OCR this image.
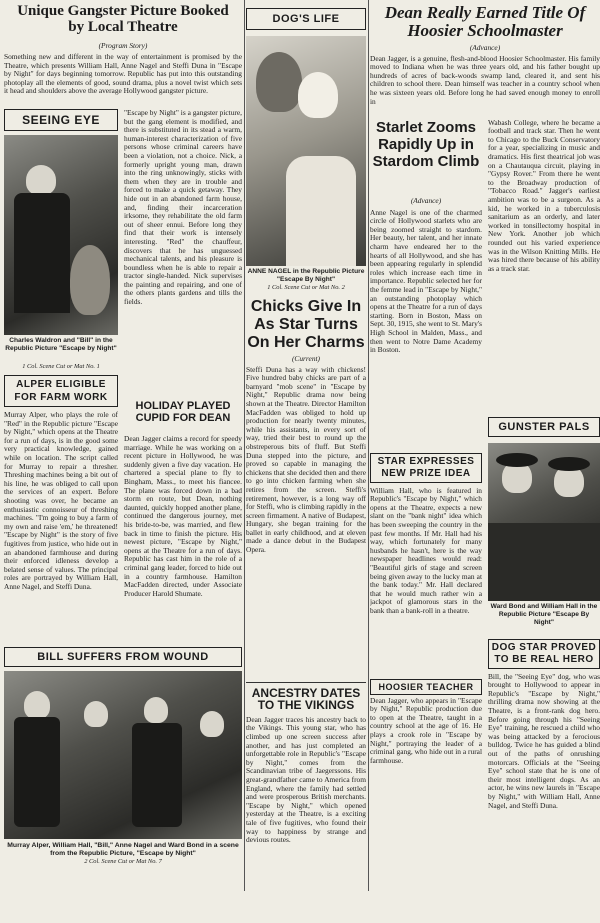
Unique Gangster Picture Booked by Local Theatre
(Program Story)

Something new and different in the way of entertainment is promised by the Theatre, which presents William Hall, Anne Nagel and Steffi Duna in "Escape by Night" for days beginning tomorrow. Republic has put into this outstanding photoplay all the elements of good, sound drama, plus a novel twist which sets it head and shoulders above the average Hollywood gangster picture.

SEEING EYE
Charles Waldron and "Bill" in the Republic Picture "Escape by Night"
1 Col. Scene Cut or Mat No. 1

"Escape by Night" is a gangster picture, but the gang element is modified, and there is substituted in its stead a warm, human-interest characterization of five persons whose criminal careers have been a violation, not a choice. Nick, a formerly upright young man, drawn into the ring unknowingly, sticks with them when they are in trouble and forced to make a quick getaway. They hide out in an abandoned farm house, and, finding their incarceration irksome, they rehabilitate the old farm out of sheer ennui. Before long they find that their work is intensely interesting. "Red" the chauffeur, discovers that he has unguessed mechanical talents, and his pleasure is boundless when he is able to repair a tractor single-handed. Nick supervises the painting and repairing, and one of the others plants gardens and tills the fields.

ALPER ELIGIBLE FOR FARM WORK

Murray Alper, who plays the role of "Red" in the Republic picture "Escape by Night," which opens at the Theatre for a run of days, is in the good some very practical knowledge, gained while on location. The script called for Murray to repair a thresher. Threshing machines being a bit out of his line, he was obliged to call upon the services of an expert. Before shooting was over, he became an enthusiastic connoisseur of threshing machines. "I'm going to buy a farm of my own and raise 'em,' he threatened! "Escape by Night" is the story of five fugitives from justice, who hide out in an abandoned farmhouse and during their enforced idleness develop a belated sense of values. The principal roles are portrayed by William Hall, Anne Nagel, and Steffi Duna.

HOLIDAY PLAYED CUPID FOR DEAN

Dean Jagger claims a record for speedy marriage. While he was working on a recent picture in Hollywood, he was suddenly given a five day vacation. He chartered a special plane to fly to Bingham, Mass., to meet his fiancee. The plane was forced down in a bad storm en route, but Dean, nothing daunted, quickly hopped another plane, continued the dangerous journey, met his bride-to-be, was married, and flew back in time to finish the picture. His newest picture, "Escape by Night," opens at the Theatre for a run of days. Republic has cast him in the role of a criminal gang leader, forced to hide out in a country farmhouse. Hamilton MacFadden directed, under Associate Producer Harold Shumate.

BILL SUFFERS FROM WOUND
Murray Alper, William Hall, "Bill," Anne Nagel and Ward Bond in a scene from the Republic Picture, "Escape by Night"
2 Col. Scene Cut or Mat No. 7
DOG'S LIFE
ANNE NAGEL in the Republic Picture "Escape By Night"
1 Col. Scene Cut or Mat No. 2
Chicks Give In As Star Turns On Her Charms
(Current)

Steffi Duna has a way with chickens! Five hundred baby chicks are part of a barnyard "mob scene" in "Escape by Night," Republic drama now being shown at the Theatre. Director Hamilton MacFadden was obliged to hold up production for nearly twenty minutes, while his assistants, in every sort of way, tried their best to round up the obstreperous bits of fluff. But Steffi Duna stepped into the picture, and proved so capable in managing the chickens that she decided then and there to go into chicken farming when she retires from the screen. Steffi's retirement, however, is a long way off for Steffi, who is climbing rapidly in the screen firmament. A native of Budapest, Hungary, she began training for the ballet in early childhood, and at eleven made a dance debut in the Budapest Opera.

ANCESTRY DATES TO THE VIKINGS

Dean Jagger traces his ancestry back to the Vikings. This young star, who has climbed up one screen success after another, and has just completed an unforgettable role in Republic's "Escape by Night," comes from the Scandinavian tribe of Jaegerssons. His great-grandfather came to America from England, where the family had settled and were prosperous British merchants. "Escape by Night," which opened yesterday at the Theatre, is a exciting tale of five fugitives, who found their way to happiness by strange and devious routes.

Dean Really Earned Title Of Hoosier Schoolmaster
(Advance)

Dean Jagger, is a genuine, flesh-and-blood Hoosier Schoolmaster. His family moved to Indiana when he was three years old, and his father bought up hundreds of acres of back-woods swamp land, cleared it, and sent his children to school there. Dean himself was teacher in a country school when he was sixteen years old. Before long he had saved enough money to enroll in

Starlet Zooms Rapidly Up in Stardom Climb
(Advance)

Anne Nagel is one of the charmed circle of Hollywood starlets who are being zoomed straight to stardom. Her beauty, her talent, and her innate charm have endeared her to the hearts of all Hollywood, and she has been appearing regularly in splendid roles which increase each time in importance. Republic selected her for the femme lead in "Escape by Night," an outstanding photoplay which opens at the Theatre for a run of days starting. Born in Boston, Mass on Sept. 30, 1915, she went to St. Mary's High School in Malden, Mass., and then went to Notre Dame Academy in Boston.

Wabash College, where he became a football and track star. Then he went to Chicago to the Buck Conservatory for a year, specializing in music and dramatics. His first theatrical job was on a Chautauqua circuit, playing in "Gypsy Rover." From there he went to the Broadway production of "Tobacco Road." Jagger's earliest ambition was to be a surgeon. As a kid, he worked in a tuberculosis sanitarium as an orderly, and later worked in tonsillectomy hospital in New York. Another job which rounded out his varied experience was in the Wilson Knitting Mills. He was hired there because of his ability as a track star.

STAR EXPRESSES NEW PRIZE IDEA

William Hall, who is featured in Republic's "Escape by Night," which opens at the Theatre, expects a new slant on the "bank night" idea which has been sweeping the country in the past few months. If Mr. Hall had his way, which fortunately for many husbands he hasn't, here is the way newspaper headlines would read: "Beautiful girls of stage and screen being given away to the lucky man at the bank today." Mr. Hall declared that he would much rather win a jackpot of glamorous stars in the bank than a bank-roll in a theatre.

HOOSIER TEACHER

Dean Jagger, who appears in "Escape by Night," Republic production due to open at the Theatre, taught in a country school at the age of 16. He plays a crook role in "Escape by Night," portraying the leader of a criminal gang, who hide out in a rural farmhouse.

GUNSTER PALS
Ward Bond and William Hall in the Republic Picture "Escape By Night"
DOG STAR PROVED TO BE REAL HERO

Bill, the "Seeing Eye" dog, who was brought to Hollywood to appear in Republic's "Escape by Night," thrilling drama now showing at the Theatre, is a front-rank dog hero. Before going through his "Seeing Eye" training, he rescued a child who was being attacked by a ferocious bulldog. Twice he has guided a blind out of the paths of onrushing motorcars. Officials at the "Seeing Eye" school state that he is one of their most intelligent dogs. As an actor, he wins new laurels in "Escape by Night," with William Hall, Anne Nagel, and Steffi Duna.
